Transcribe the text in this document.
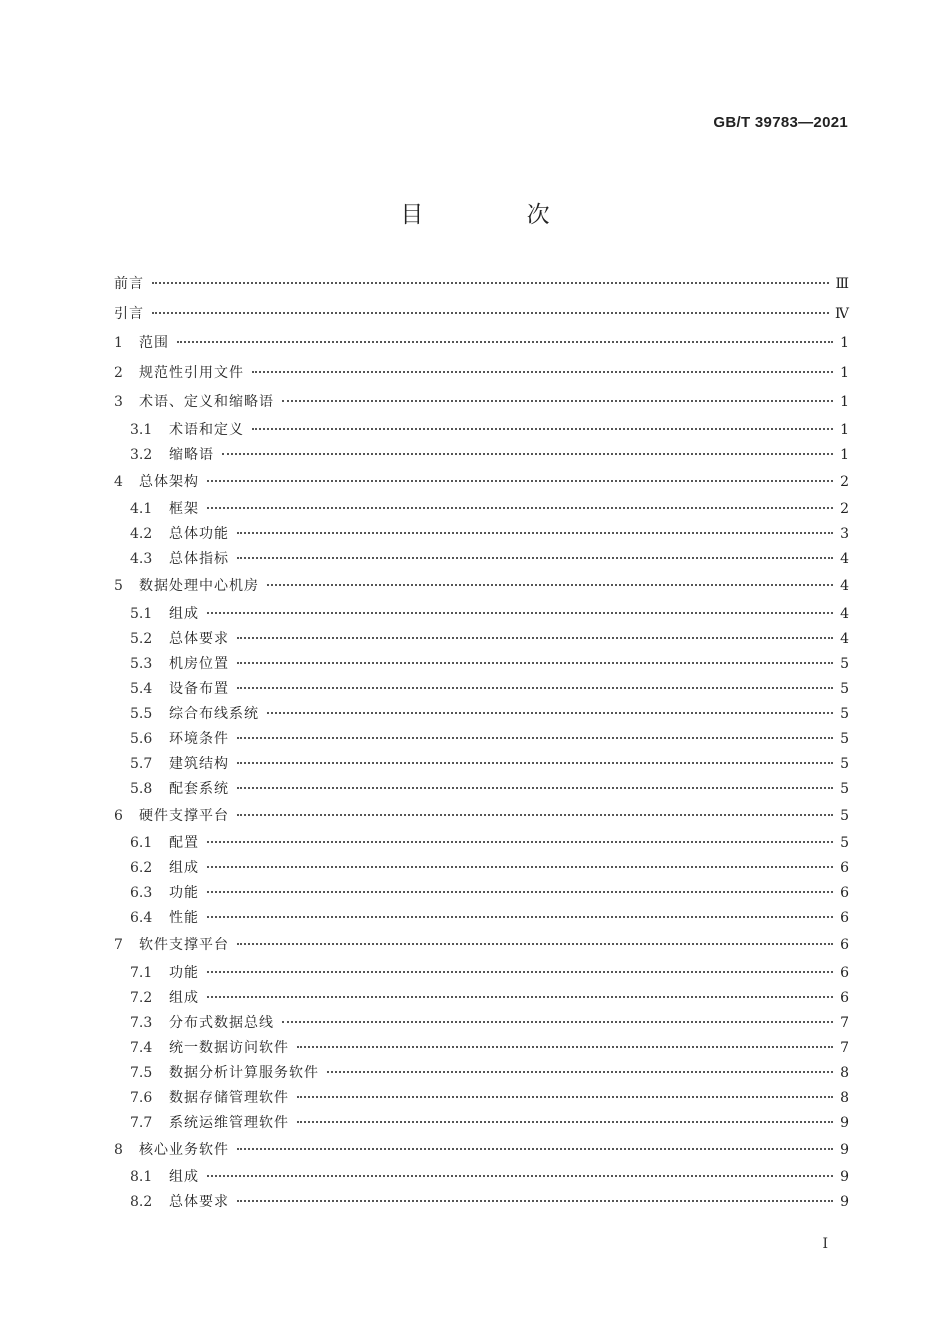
GB/T 39783—2021
目 次
前言	Ⅲ
引言	Ⅳ
1	范围	1
2	规范性引用文件	1
3	术语、定义和缩略语	1
3.1	术语和定义	1
3.2	缩略语	1
4	总体架构	2
4.1	框架	2
4.2	总体功能	3
4.3	总体指标	4
5	数据处理中心机房	4
5.1	组成	4
5.2	总体要求	4
5.3	机房位置	5
5.4	设备布置	5
5.5	综合布线系统	5
5.6	环境条件	5
5.7	建筑结构	5
5.8	配套系统	5
6	硬件支撑平台	5
6.1	配置	5
6.2	组成	6
6.3	功能	6
6.4	性能	6
7	软件支撑平台	6
7.1	功能	6
7.2	组成	6
7.3	分布式数据总线	7
7.4	统一数据访问软件	7
7.5	数据分析计算服务软件	8
7.6	数据存储管理软件	8
7.7	系统运维管理软件	9
8	核心业务软件	9
8.1	组成	9
8.2	总体要求	9
I
